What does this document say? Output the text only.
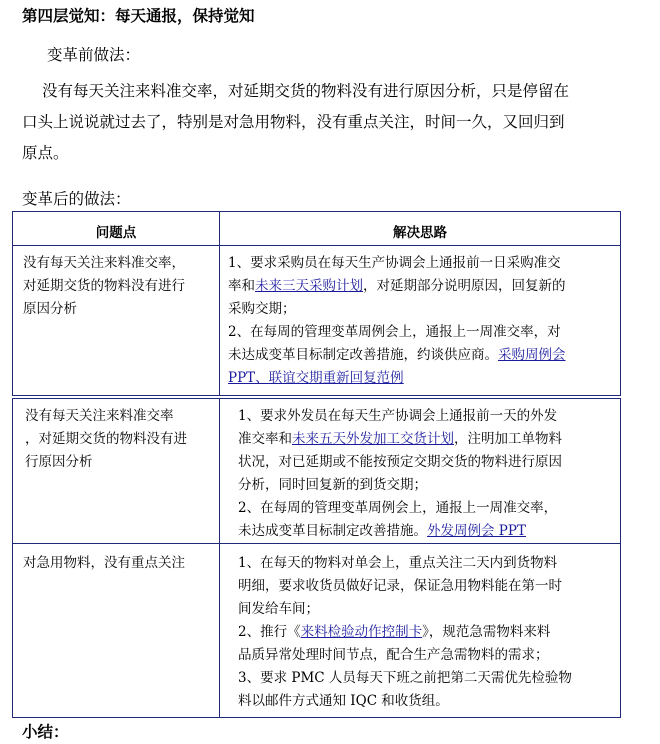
第四层觉知：每天通报，保持觉知
变革前做法：
没有每天关注来料准交率，对延期交货的物料没有进行原因分析，只是停留在
口头上说说就过去了，特别是对急用物料，没有重点关注，时间一久，又回归到
原点。
变革后的做法：
问题点	解决思路
没有每天关注来料准交率，
对延期交货的物料没有进行
原因分析
1、要求采购员在每天生产协调会上通报前一日采购准交
率和未来三天采购计划，对延期部分说明原因，回复新的
采购交期；
2、在每周的管理变革周例会上，通报上一周准交率，对
未达成变革目标制定改善措施，约谈供应商。采购周例会
PPT、联谊交期重新回复范例
没有每天关注来料准交率
，对延期交货的物料没有进
行原因分析
1、要求外发员在每天生产协调会上通报前一天的外发
准交率和未来五天外发加工交货计划，注明加工单物料
状况，对已延期或不能按预定交期交货的物料进行原因
分析，同时回复新的到货交期；
2、在每周的管理变革周例会上，通报上一周准交率，
未达成变革目标制定改善措施。外发周例会 PPT
对急用物料，没有重点关注	1、在每天的物料对单会上，重点关注二天内到货物料
明细，要求收货员做好记录，保证急用物料能在第一时
间发给车间；
2、推行《来料检验动作控制卡》，规范急需物料来料
品质异常处理时间节点，配合生产急需物料的需求；
3、要求 PMC 人员每天下班之前把第二天需优先检验物
料以邮件方式通知 IQC 和收货组。
小结：
